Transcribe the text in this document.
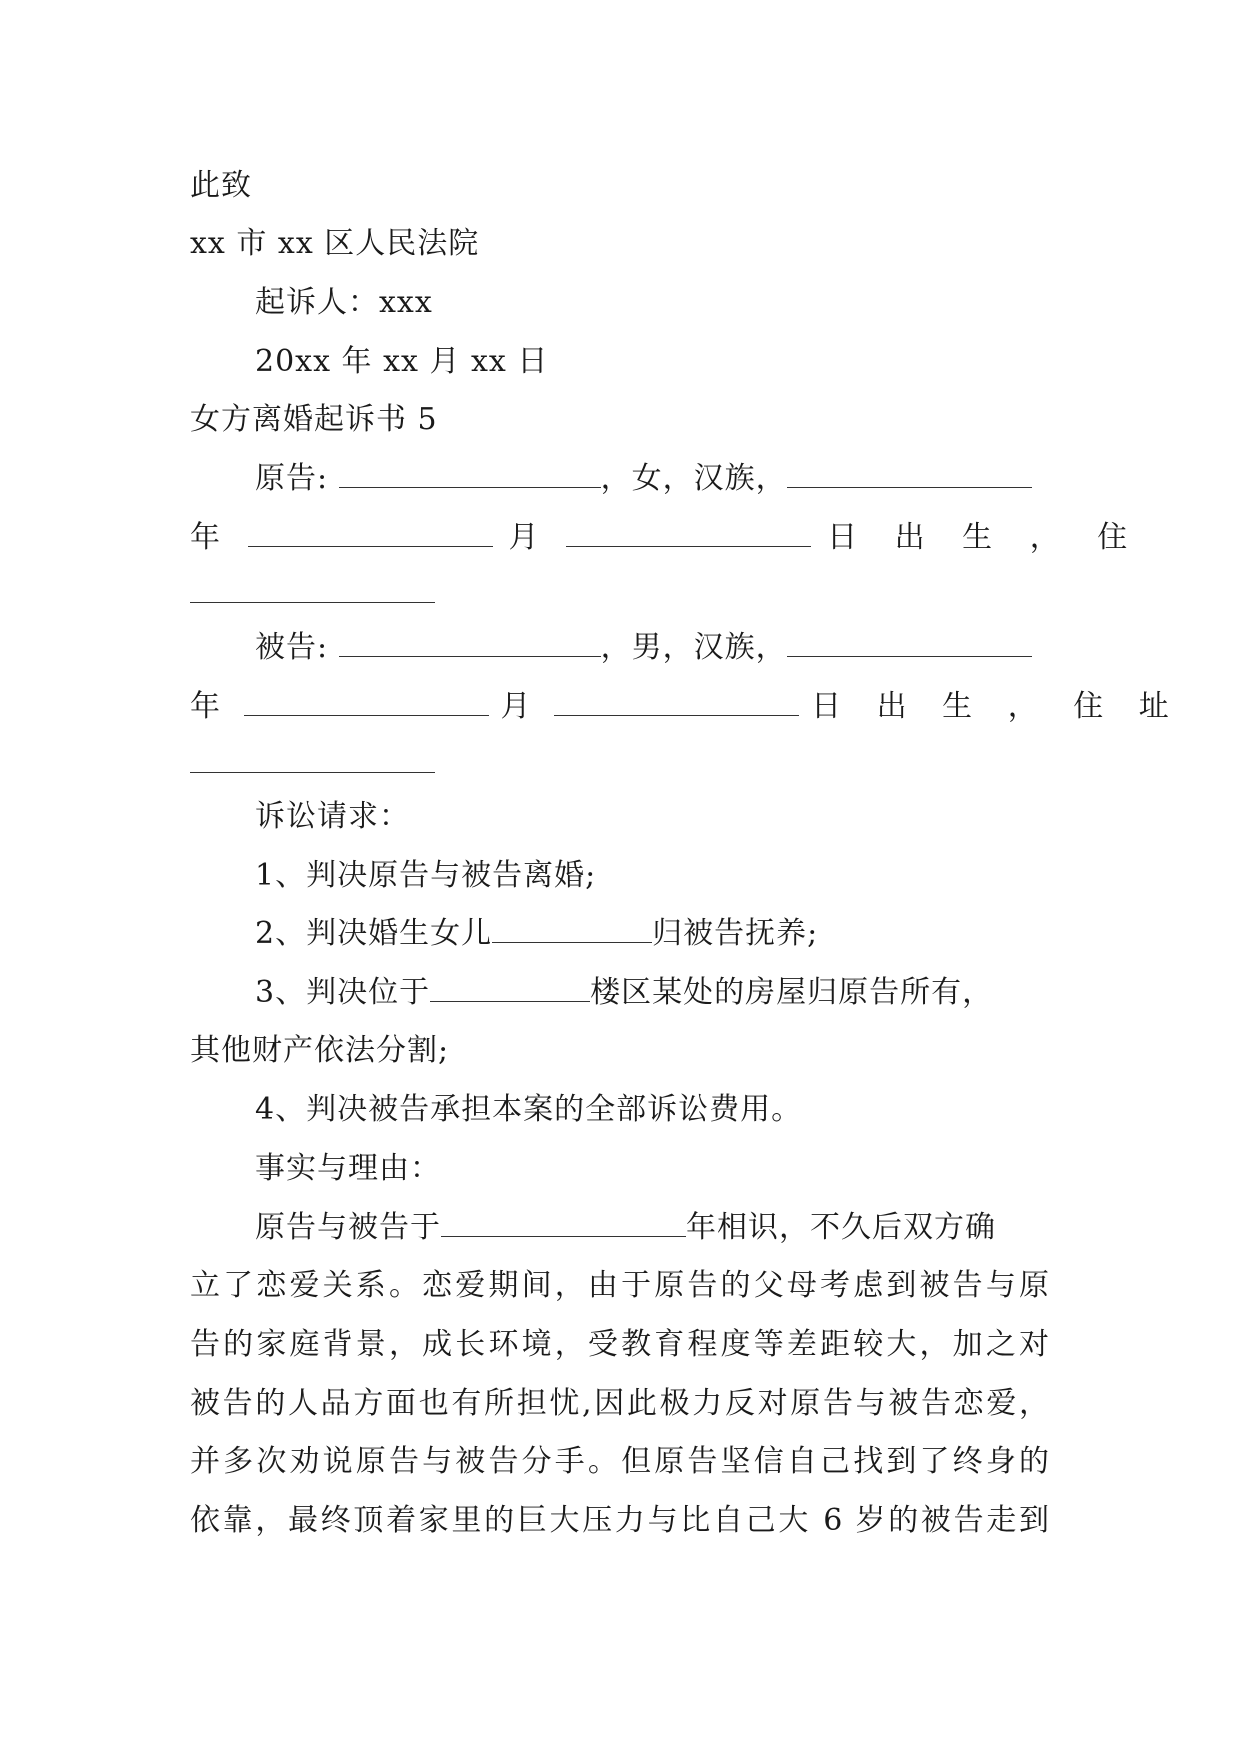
此致
xx 市 xx 区人民法院
起诉人：xxx
20xx 年 xx 月 xx 日
女方离婚起诉书 5
原告:	，女，汉族，
年	月	日 出 生 ， 住
被告:	，男，汉族，
年	月	日 出 生 ， 住 址
诉讼请求：
1、判决原告与被告离婚;
2、判决婚生女儿	归被告抚养;
3、判决位于	楼区某处的房屋归原告所有，
其他财产依法分割;
4、判决被告承担本案的全部诉讼费用。
事实与理由：
原告与被告于	年相识，不久后双方确
立了恋爱关系。恋爱期间，由于原告的父母考虑到被告与原
告的家庭背景，成长环境，受教育程度等差距较大，加之对
被告的人品方面也有所担忧,因此极力反对原告与被告恋爱，
并多次劝说原告与被告分手。但原告坚信自己找到了终身的
依靠，最终顶着家里的巨大压力与比自己大 6 岁的被告走到
